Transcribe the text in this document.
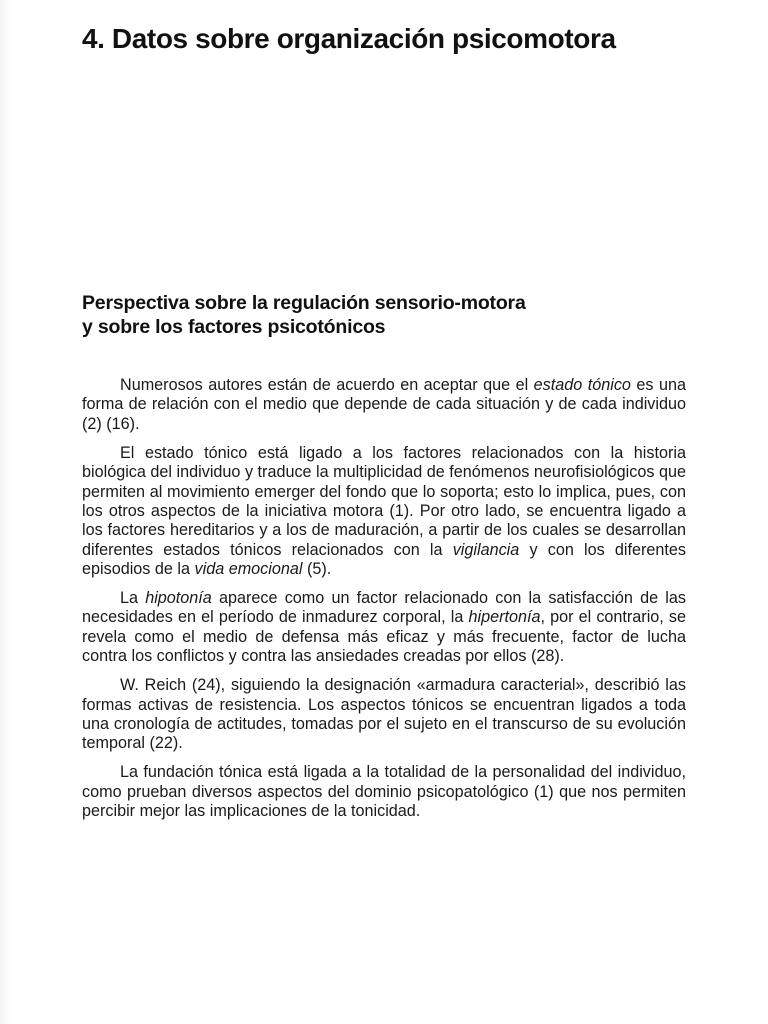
4. Datos sobre organización psicomotora
Perspectiva sobre la regulación sensorio-motora
y sobre los factores psicotónicos

Numerosos autores están de acuerdo en aceptar que el estado tónico es una forma de relación con el medio que depende de cada situación y de cada individuo (2) (16).

El estado tónico está ligado a los factores relacionados con la historia biológica del individuo y traduce la multiplicidad de fenómenos neurofisiológicos que permiten al movimiento emerger del fondo que lo soporta; esto lo implica, pues, con los otros aspectos de la iniciativa motora (1). Por otro lado, se encuentra ligado a los factores hereditarios y a los de maduración, a partir de los cuales se desarrollan diferentes estados tónicos relacionados con la vigilancia y con los diferentes episodios de la vida emocional (5).

La hipotonía aparece como un factor relacionado con la satisfacción de las necesidades en el período de inmadurez corporal, la hipertonía, por el contrario, se revela como el medio de defensa más eficaz y más frecuente, factor de lucha contra los conflictos y contra las ansiedades creadas por ellos (28).

W. Reich (24), siguiendo la designación «armadura caracterial», describió las formas activas de resistencia. Los aspectos tónicos se encuentran ligados a toda una cronología de actitudes, tomadas por el sujeto en el transcurso de su evolución temporal (22).

La fundación tónica está ligada a la totalidad de la personalidad del individuo, como prueban diversos aspectos del dominio psicopatológico (1) que nos permiten percibir mejor las implicaciones de la tonicidad.
